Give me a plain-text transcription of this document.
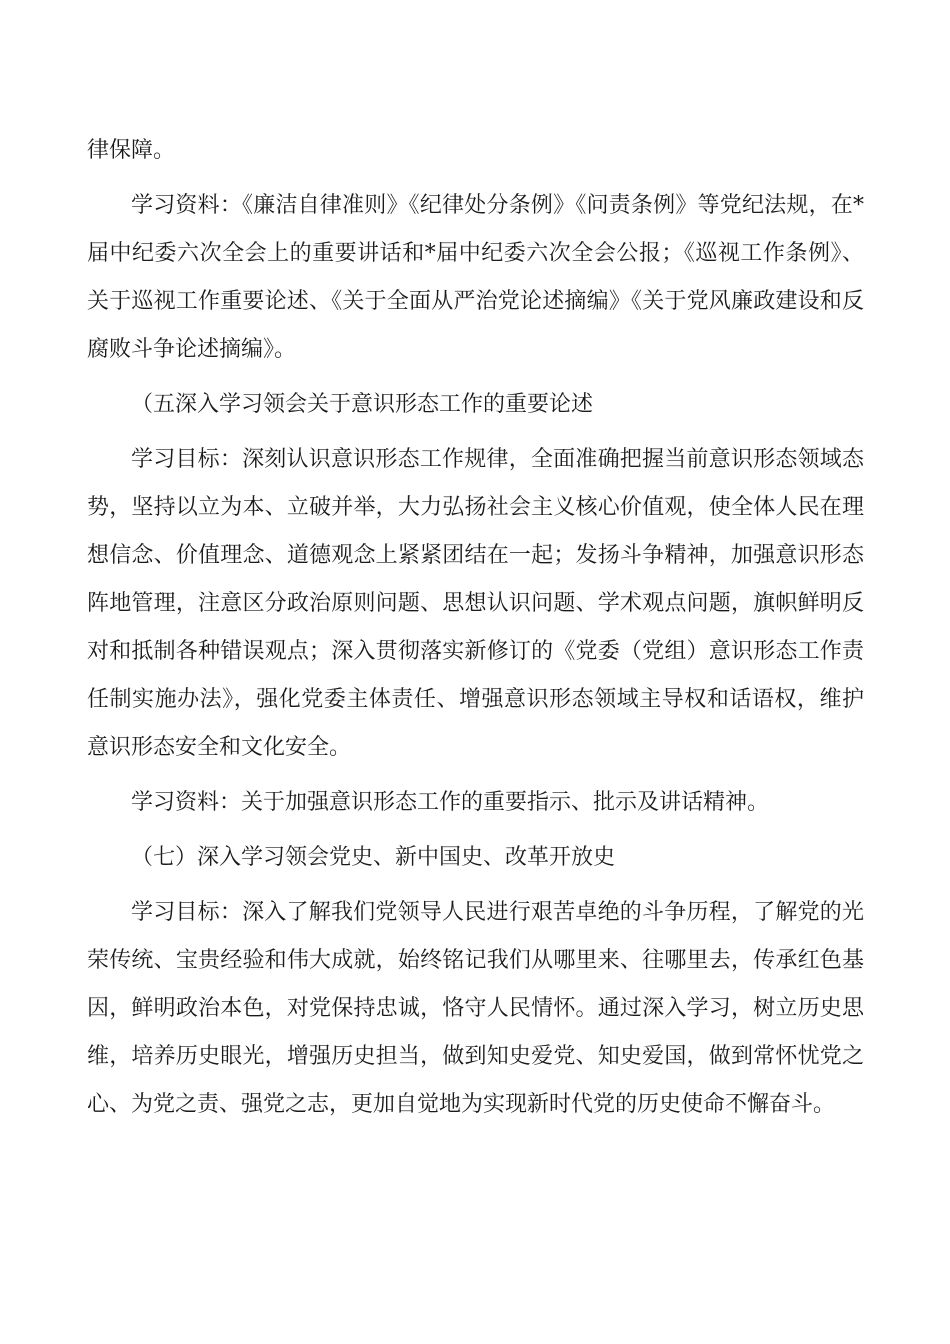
律保障。

学习资料：《廉洁自律准则》《纪律处分条例》《问责条例》等党纪法规，在*届中纪委六次全会上的重要讲话和*届中纪委六次全会公报；《巡视工作条例》、关于巡视工作重要论述、《关于全面从严治党论述摘编》《关于党风廉政建设和反腐败斗争论述摘编》。

（五深入学习领会关于意识形态工作的重要论述

学习目标：深刻认识意识形态工作规律，全面准确把握当前意识形态领域态势，坚持以立为本、立破并举，大力弘扬社会主义核心价值观，使全体人民在理想信念、价值理念、道德观念上紧紧团结在一起；发扬斗争精神，加强意识形态阵地管理，注意区分政治原则问题、思想认识问题、学术观点问题，旗帜鲜明反对和抵制各种错误观点；深入贯彻落实新修订的《党委（党组）意识形态工作责任制实施办法》，强化党委主体责任、增强意识形态领域主导权和话语权，维护意识形态安全和文化安全。

学习资料：关于加强意识形态工作的重要指示、批示及讲话精神。

（七）深入学习领会党史、新中国史、改革开放史

学习目标：深入了解我们党领导人民进行艰苦卓绝的斗争历程，了解党的光荣传统、宝贵经验和伟大成就，始终铭记我们从哪里来、往哪里去，传承红色基因，鲜明政治本色，对党保持忠诚，恪守人民情怀。通过深入学习，树立历史思维，培养历史眼光，增强历史担当，做到知史爱党、知史爱国，做到常怀忧党之心、为党之责、强党之志，更加自觉地为实现新时代党的历史使命不懈奋斗。
